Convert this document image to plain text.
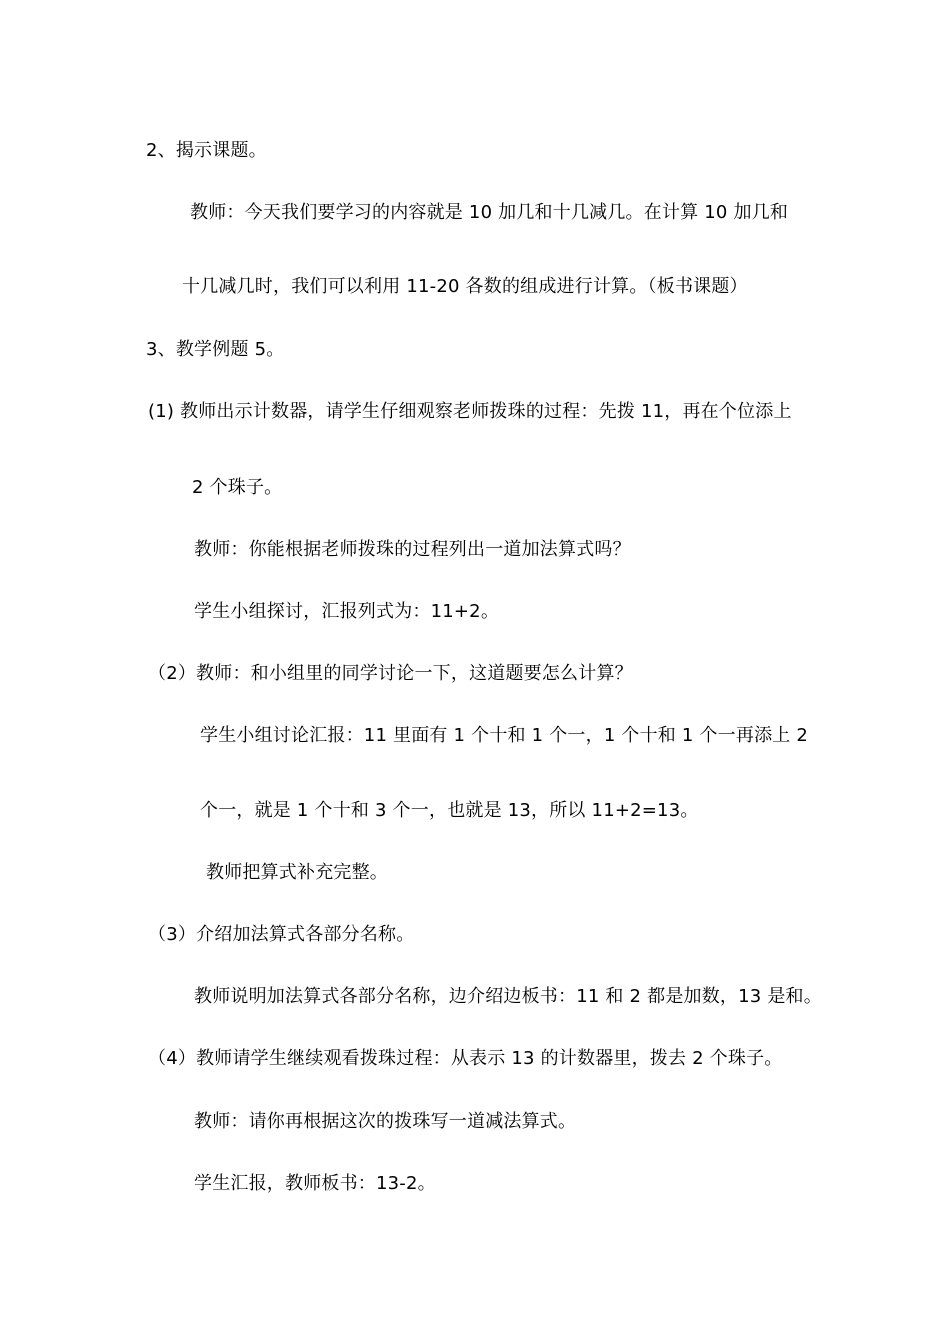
2、揭示课题。
教师：今天我们要学习的内容就是 10 加几和十几减几。在计算 10 加几和
十几减几时，我们可以利用 11-20 各数的组成进行计算。（板书课题）
3、教学例题 5。
(1) 教师出示计数器，请学生仔细观察老师拨珠的过程：先拨 11，再在个位添上
2 个珠子。
教师：你能根据老师拨珠的过程列出一道加法算式吗？
学生小组探讨，汇报列式为：11+2。
（2）教师：和小组里的同学讨论一下，这道题要怎么计算？
学生小组讨论汇报：11 里面有 1 个十和 1 个一，1 个十和 1 个一再添上 2
个一，就是 1 个十和 3 个一，也就是 13，所以 11+2=13。
教师把算式补充完整。
（3）介绍加法算式各部分名称。
教师说明加法算式各部分名称，边介绍边板书：11 和 2 都是加数，13 是和。
（4）教师请学生继续观看拨珠过程：从表示 13 的计数器里，拨去 2 个珠子。
教师：请你再根据这次的拨珠写一道减法算式。
学生汇报，教师板书：13-2。
